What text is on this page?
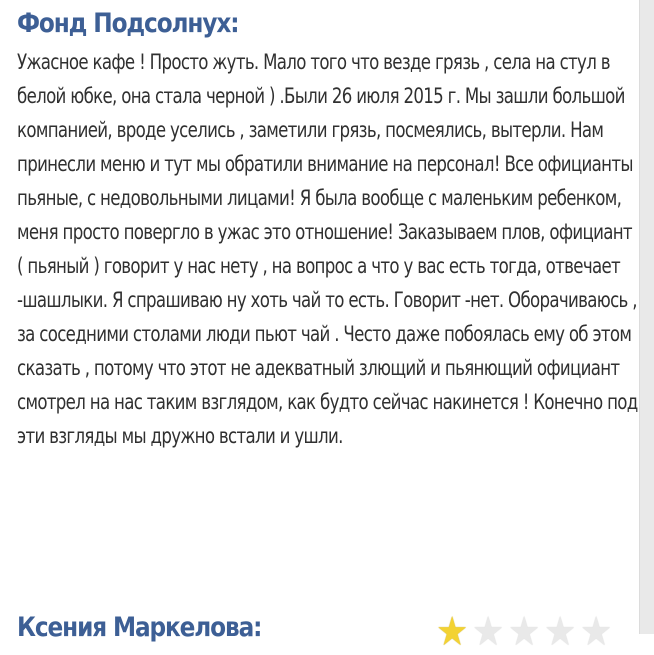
Фонд Подсолнух:

Ужасное кафе ! Просто жуть. Мало того что везде грязь , села на стул в белой юбке, она стала черной ) .Были 26 июля 2015 г. Мы зашли большой компанией, вроде уселись , заметили грязь, посмеялись, вытерли. Нам принесли меню и тут мы обратили внимание на персонал! Все официанты пьяные, с недовольными лицами! Я была вообще с маленьким ребенком, меня просто повергло в ужас это отношение! Заказываем плов, официант ( пьяный ) говорит у нас нету , на вопрос а что у вас есть тогда, отвечает -шашлыки. Я спрашиваю ну хоть чай то есть. Говорит -нет. Оборачиваюсь , за соседними столами люди пьют чай . Често даже побоялась ему об этом сказать , потому что этот не адекватный злющий и пьянющий официант смотрел на нас таким взглядом, как будто сейчас накинется ! Конечно под эти взгляды мы дружно встали и ушли.

Ксения Маркелова:	★ ★ ★ ★ ★
